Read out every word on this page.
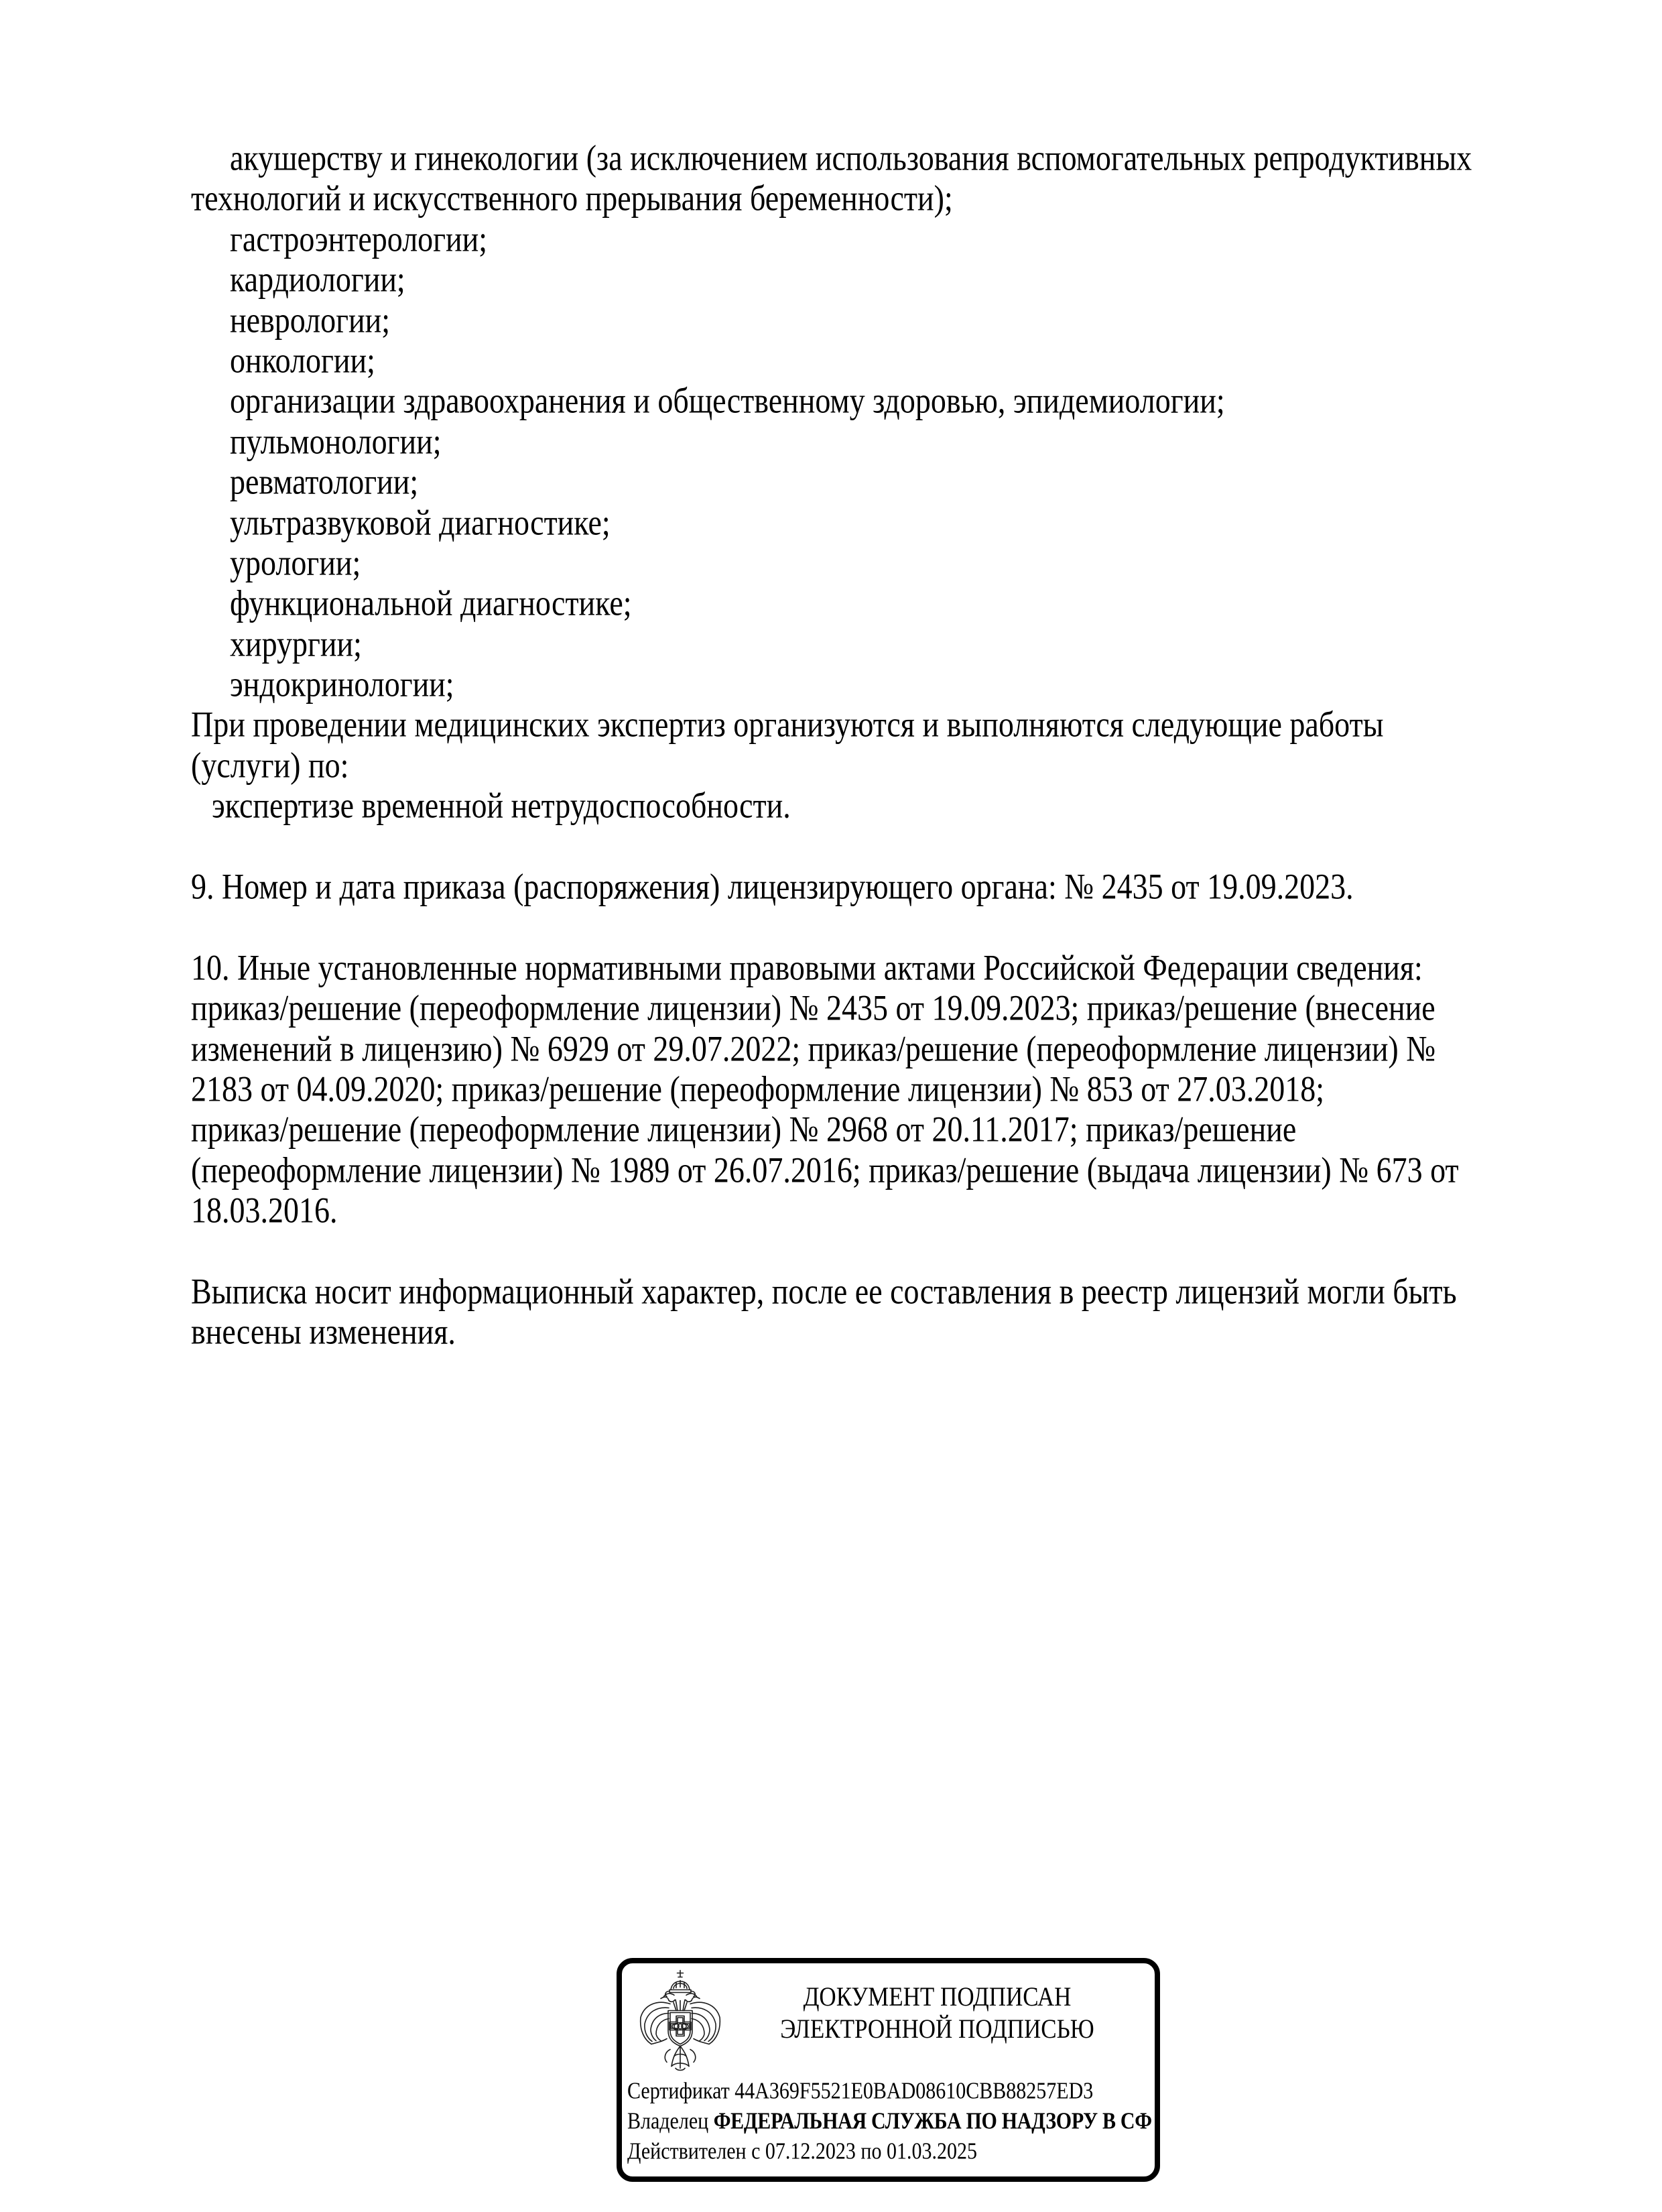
акушерству и гинекологии (за исключением использования вспомогательных репродуктивных
технологий и искусственного прерывания беременности);
гастроэнтерологии;
кардиологии;
неврологии;
онкологии;
организации здравоохранения и общественному здоровью, эпидемиологии;
пульмонологии;
ревматологии;
ультразвуковой диагностике;
урологии;
функциональной диагностике;
хирургии;
эндокринологии;
При проведении медицинских экспертиз организуются и выполняются следующие работы
(услуги) по:
экспертизе временной нетрудоспособности.

9. Номер и дата приказа (распоряжения) лицензирующего органа: № 2435 от 19.09.2023.

10. Иные установленные нормативными правовыми актами Российской Федерации сведения:
приказ/решение (переоформление лицензии) № 2435 от 19.09.2023; приказ/решение (внесение
изменений в лицензию) № 6929 от 29.07.2022; приказ/решение (переоформление лицензии) №
2183 от 04.09.2020; приказ/решение (переоформление лицензии) № 853 от 27.03.2018;
приказ/решение (переоформление лицензии) № 2968 от 20.11.2017; приказ/решение
(переоформление лицензии) № 1989 от 26.07.2016; приказ/решение (выдача лицензии) № 673 от
18.03.2016.

Выписка носит информационный характер, после ее составления в реестр лицензий могли быть
внесены изменения.
ДОКУМЕНТ ПОДПИСАН
ЭЛЕКТРОННОЙ ПОДПИСЬЮ
Сертификат 44A369F5521E0BAD08610CBB88257ED3
Владелец ФЕДЕРАЛЬНАЯ СЛУЖБА ПО НАДЗОРУ В СФ
Действителен с 07.12.2023 по 01.03.2025
